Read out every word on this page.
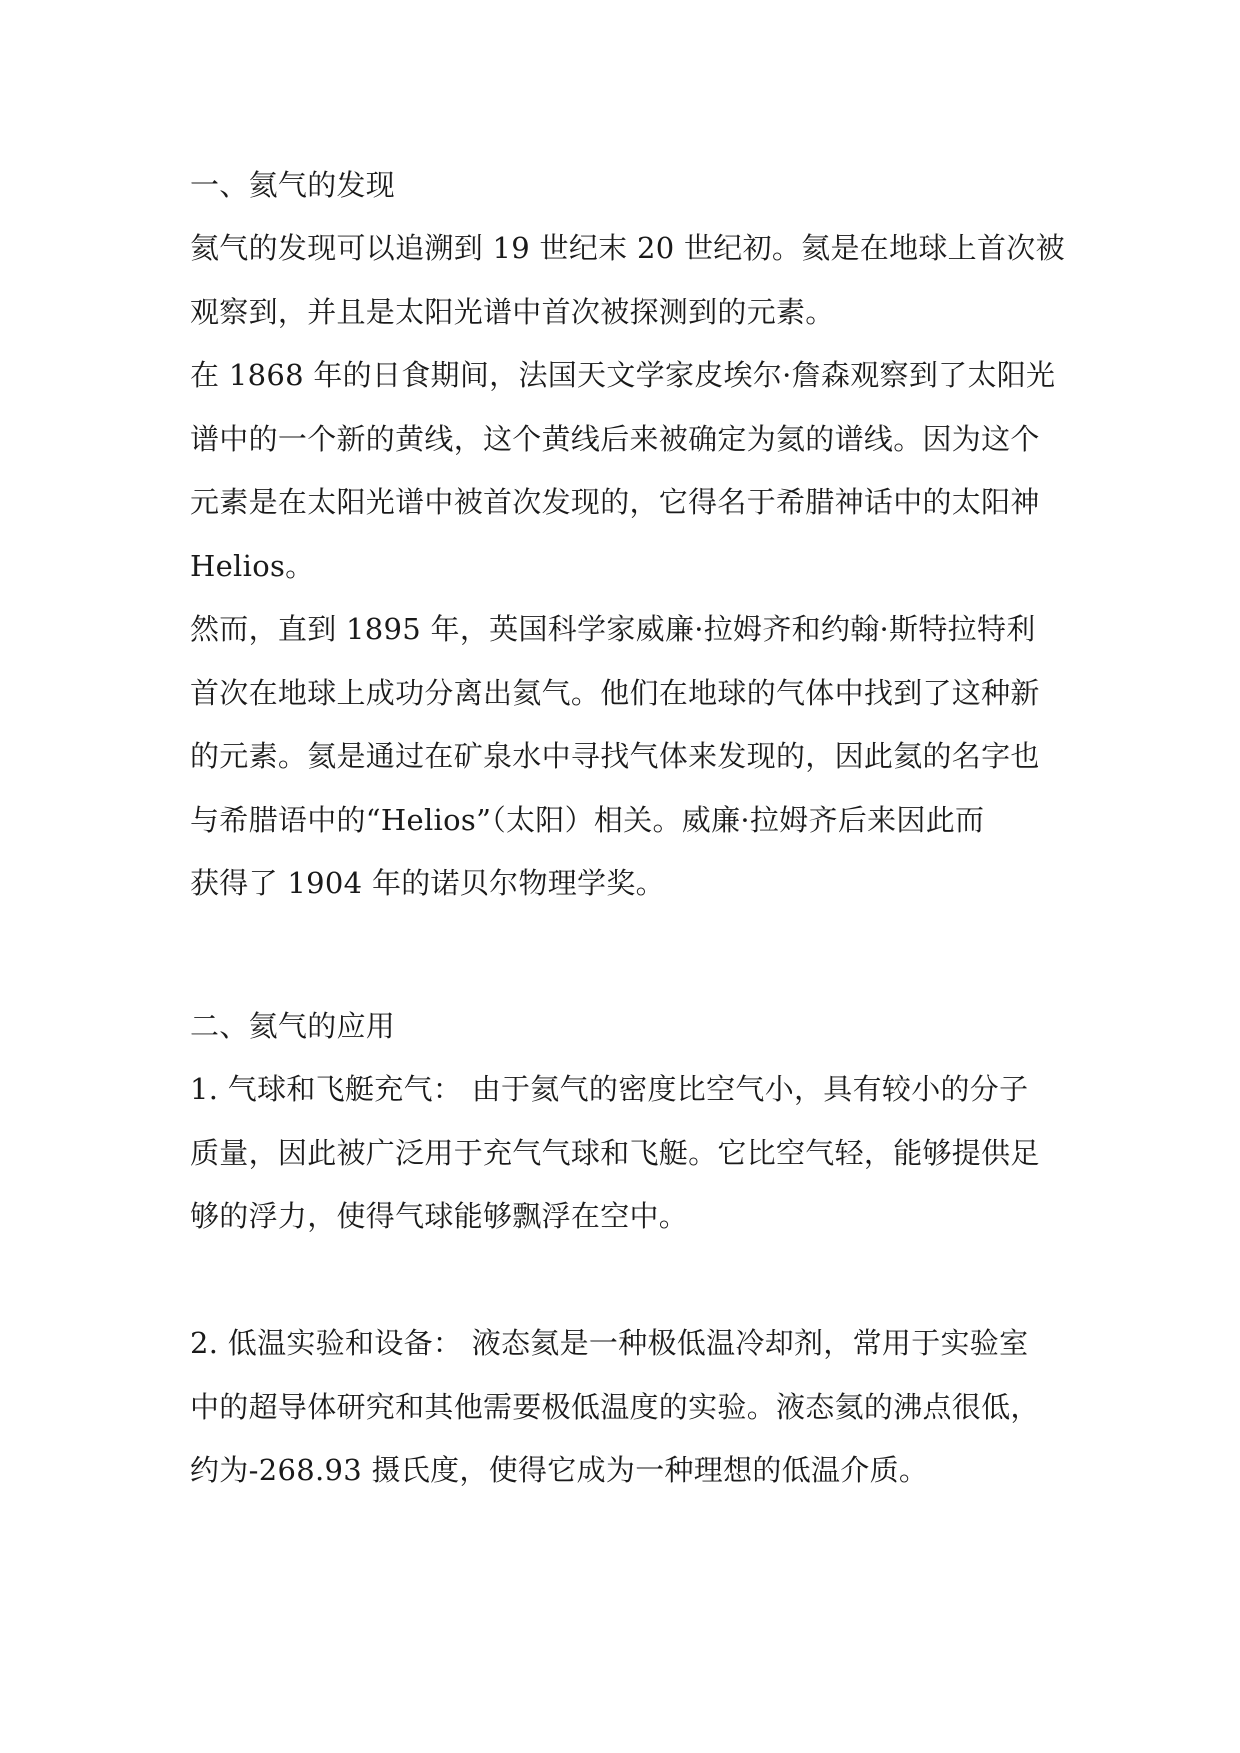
一、氦气的发现
氦气的发现可以追溯到 19 世纪末 20 世纪初。氦是在地球上首次被
观察到，并且是太阳光谱中首次被探测到的元素。
在 1868 年的日食期间，法国天文学家皮埃尔·詹森观察到了太阳光
谱中的一个新的黄线，这个黄线后来被确定为氦的谱线。因为这个
元素是在太阳光谱中被首次发现的，它得名于希腊神话中的太阳神
Helios。
然而，直到 1895 年，英国科学家威廉·拉姆齐和约翰·斯特拉特利
首次在地球上成功分离出氦气。他们在地球的气体中找到了这种新
的元素。氦是通过在矿泉水中寻找气体来发现的，因此氦的名字也
与希腊语中的“Helios”（太阳）相关。威廉·拉姆齐后来因此而
获得了 1904 年的诺贝尔物理学奖。
二、氦气的应用
1. 气球和飞艇充气： 由于氦气的密度比空气小，具有较小的分子
质量，因此被广泛用于充气气球和飞艇。它比空气轻，能够提供足
够的浮力，使得气球能够飘浮在空中。
2. 低温实验和设备： 液态氦是一种极低温冷却剂，常用于实验室
中的超导体研究和其他需要极低温度的实验。液态氦的沸点很低，
约为-268.93 摄氏度，使得它成为一种理想的低温介质。
